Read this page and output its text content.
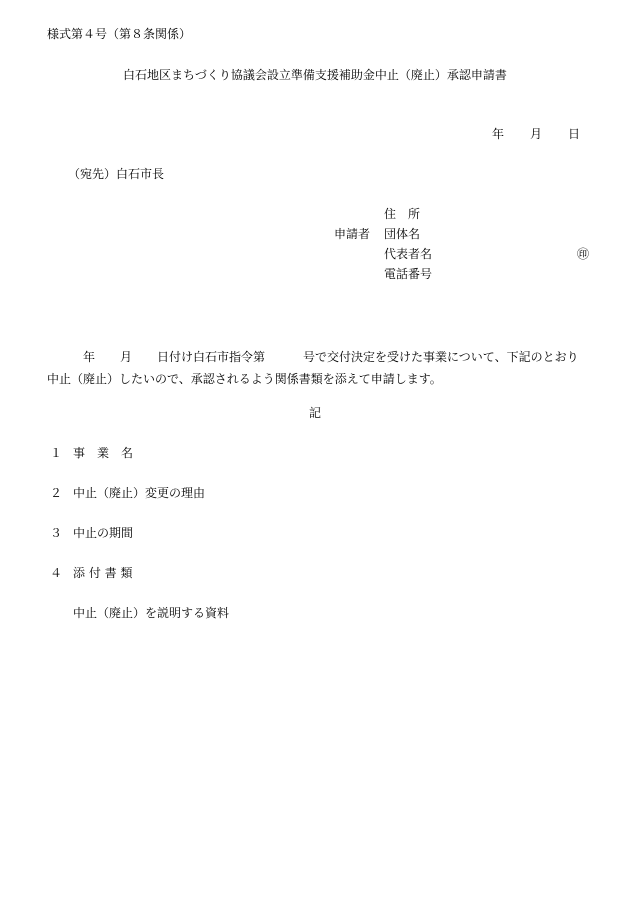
様式第４号（第８条関係）
白石地区まちづくり協議会設立準備支援補助金中止（廃止）承認申請書
年 月 日
（宛先）白石市長
申請者
住　所
団体名
代表者名	㊞
電話番号
年 月 日付け白石市指令第	号で交付決定を受けた事業について、下記のとおり
中止（廃止）したいので、承認されるよう関係書類を添えて申請します。
記
１ 事　業　名
２ 中止（廃止）変更の理由
３ 中止の期間
４ 添 付 書 類
中止（廃止）を説明する資料
